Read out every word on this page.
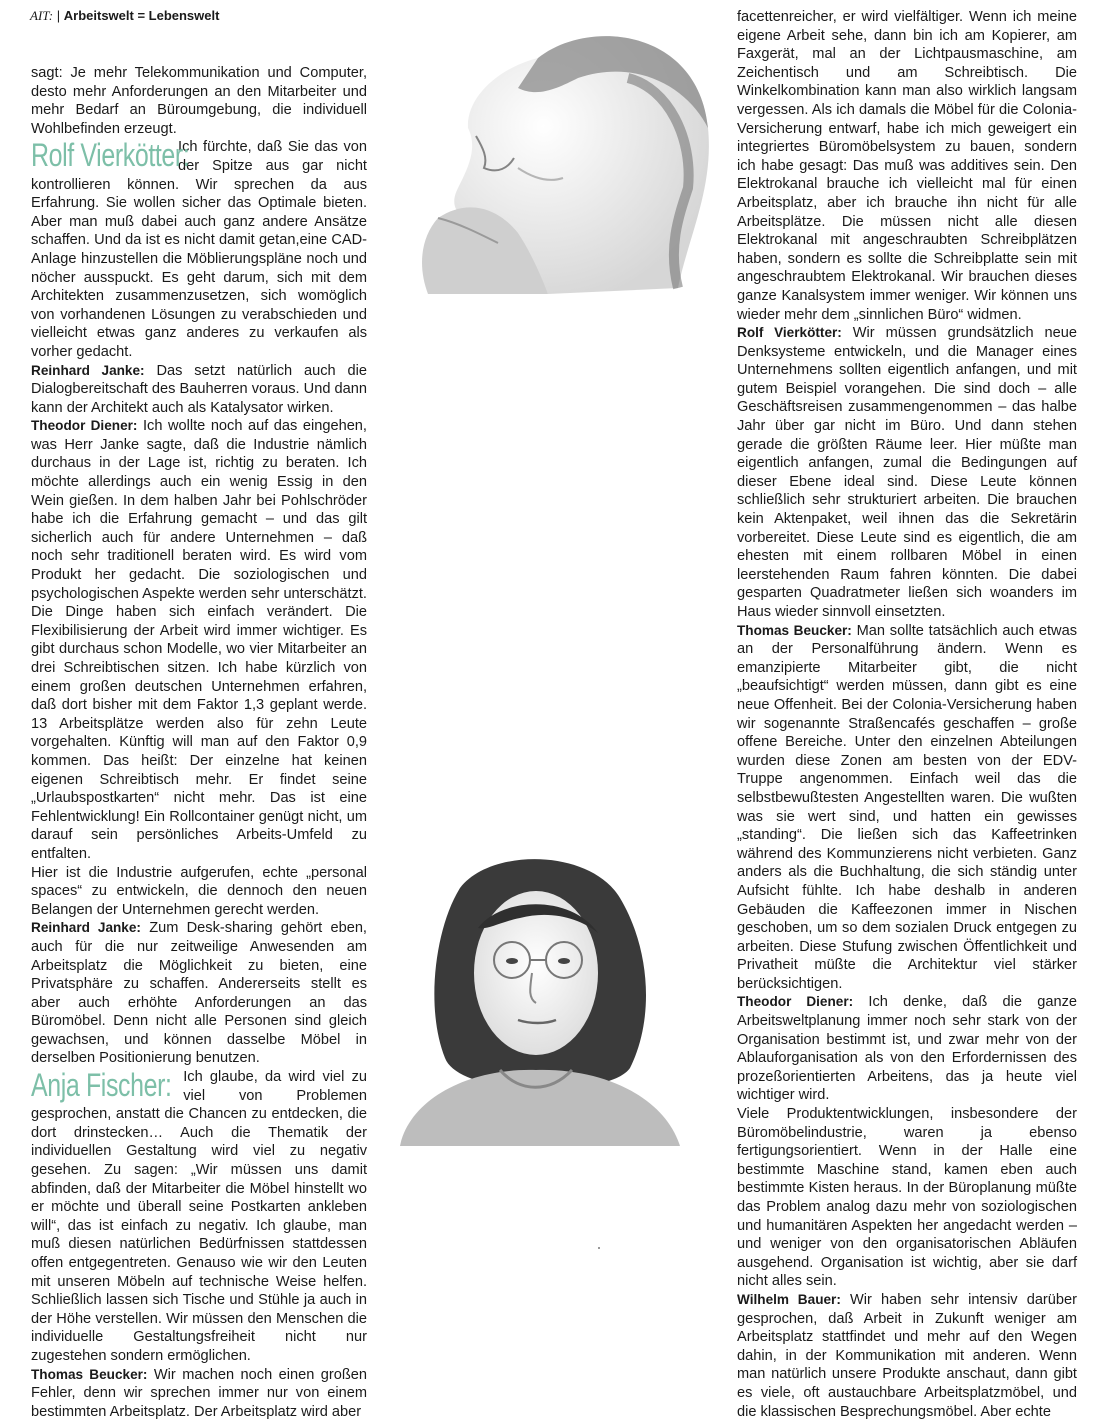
AIT: | Arbeitswelt = Lebenswelt

sagt: Je mehr Telekommunikation und Computer, desto mehr Anforderungen an den Mitarbeiter und mehr Bedarf an Büroumgebung, die individuell Wohlbefinden erzeugt.

Rolf Vierkötter:
Ich fürchte, daß Sie das von der Spitze aus gar nicht kontrollieren können. Wir sprechen da aus Erfahrung. Sie wollen sicher das Optimale bieten. Aber man muß dabei auch ganz andere Ansätze schaffen. Und da ist es nicht damit getan,eine CAD-Anlage hinzustellen die Möblierungspläne noch und nöcher ausspuckt. Es geht darum, sich mit dem Architekten zusammenzusetzen, sich womöglich von vorhandenen Lösungen zu verabschieden und vielleicht etwas ganz anderes zu verkaufen als vorher gedacht.

Reinhard Janke: Das setzt natürlich auch die Dialogbereitschaft des Bauherren voraus. Und dann kann der Architekt auch als Katalysator wirken.

Theodor Diener: Ich wollte noch auf das eingehen, was Herr Janke sagte, daß die Industrie nämlich durchaus in der Lage ist, richtig zu beraten. Ich möchte allerdings auch ein wenig Essig in den Wein gießen. In dem halben Jahr bei Pohlschröder habe ich die Erfahrung gemacht – und das gilt sicherlich auch für andere Unternehmen – daß noch sehr traditionell beraten wird. Es wird vom Produkt her gedacht. Die soziologischen und psychologischen Aspekte werden sehr unterschätzt. Die Dinge haben sich einfach verändert. Die Flexibilisierung der Arbeit wird immer wichtiger. Es gibt durchaus schon Modelle, wo vier Mitarbeiter an drei Schreibtischen sitzen. Ich habe kürzlich von einem großen deutschen Unternehmen erfahren, daß dort bisher mit dem Faktor 1,3 geplant werde. 13 Arbeitsplätze werden also für zehn Leute vorgehalten. Künftig will man auf den Faktor 0,9 kommen. Das heißt: Der einzelne hat keinen eigenen Schreibtisch mehr. Er findet seine „Urlaubspostkarten“ nicht mehr. Das ist eine Fehlentwicklung! Ein Rollcontainer genügt nicht, um darauf sein persönliches Arbeits-Umfeld zu entfalten.

Hier ist die Industrie aufgerufen, echte „personal spaces“ zu entwickeln, die dennoch den neuen Belangen der Unternehmen gerecht werden.

Reinhard Janke: Zum Desk-sharing gehört eben, auch für die nur zeitweilige Anwesenden am Arbeitsplatz die Möglichkeit zu bieten, eine Privatsphäre zu schaffen. Andererseits stellt es aber auch erhöhte Anforderungen an das Büromöbel. Denn nicht alle Personen sind gleich gewachsen, und können dasselbe Möbel in derselben Positionierung benutzen.

Anja Fischer: Ich glaube, da wird viel zu viel von Problemen gesprochen, anstatt die Chancen zu entdecken, die dort drinstecken… Auch die Thematik der individuellen Gestaltung wird viel zu negativ gesehen. Zu sagen: „Wir müssen uns damit abfinden, daß der Mitarbeiter die Möbel hinstellt wo er möchte und überall seine Postkarten ankleben will“, das ist einfach zu negativ. Ich glaube, man muß diesen natürlichen Bedürfnissen stattdessen offen entgegentreten. Genauso wie wir den Leuten mit unseren Möbeln auf technische Weise helfen. Schließlich lassen sich Tische und Stühle ja auch in der Höhe verstellen. Wir müssen den Menschen die individuelle Gestaltungsfreiheit nicht nur zugestehen sondern ermöglichen.

Thomas Beucker: Wir machen noch einen großen Fehler, denn wir sprechen immer nur von einem bestimmten Arbeitsplatz. Der Arbeitsplatz wird aber

facettenreicher, er wird vielfältiger. Wenn ich meine eigene Arbeit sehe, dann bin ich am Kopierer, am Faxgerät, mal an der Lichtpausmaschine, am Zeichentisch und am Schreibtisch. Die Winkelkombination kann man also wirklich langsam vergessen. Als ich damals die Möbel für die Colonia-Versicherung entwarf, habe ich mich geweigert ein integriertes Büromöbelsystem zu bauen, sondern ich habe gesagt: Das muß was additives sein. Den Elektrokanal brauche ich vielleicht mal für einen Arbeitsplatz, aber ich brauche ihn nicht für alle Arbeitsplätze. Die müssen nicht alle diesen Elektrokanal mit angeschraubten Schreibplätzen haben, sondern es sollte die Schreibplatte sein mit angeschraubtem Elektrokanal. Wir brauchen dieses ganze Kanalsystem immer weniger. Wir können uns wieder mehr dem „sinnlichen Büro“ widmen.

Rolf Vierkötter: Wir müssen grundsätzlich neue Denksysteme entwickeln, und die Manager eines Unternehmens sollten eigentlich anfangen, und mit gutem Beispiel vorangehen. Die sind doch – alle Geschäftsreisen zusammengenommen – das halbe Jahr über gar nicht im Büro. Und dann stehen gerade die größten Räume leer. Hier müßte man eigentlich anfangen, zumal die Bedingungen auf dieser Ebene ideal sind. Diese Leute können schließlich sehr strukturiert arbeiten. Die brauchen kein Aktenpaket, weil ihnen das die Sekretärin vorbereitet. Diese Leute sind es eigentlich, die am ehesten mit einem rollbaren Möbel in einen leerstehenden Raum fahren könnten. Die dabei gesparten Quadratmeter ließen sich woanders im Haus wieder sinnvoll einsetzten.

Thomas Beucker: Man sollte tatsächlich auch etwas an der Personalführung ändern. Wenn es emanzipierte Mitarbeiter gibt, die nicht „beaufsichtigt“ werden müssen, dann gibt es eine neue Offenheit. Bei der Colonia-Versicherung haben wir sogenannte Straßencafés geschaffen – große offene Bereiche. Unter den einzelnen Abteilungen wurden diese Zonen am besten von der EDV-Truppe angenommen. Einfach weil das die selbstbewußtesten Angestellten waren. Die wußten was sie wert sind, und hatten ein gewisses „standing“. Die ließen sich das Kaffeetrinken während des Kommunzierens nicht verbieten. Ganz anders als die Buchhaltung, die sich ständig unter Aufsicht fühlte. Ich habe deshalb in anderen Gebäuden die Kaffeezonen immer in Nischen geschoben, um so dem sozialen Druck entgegen zu arbeiten. Diese Stufung zwischen Öffentlichkeit und Privatheit müßte die Architektur viel stärker berücksichtigen.

Theodor Diener: Ich denke, daß die ganze Arbeitsweltplanung immer noch sehr stark von der Organisation bestimmt ist, und zwar mehr von der Ablauforganisation als von den Erfordernissen des prozeßorientierten Arbeitens, das ja heute viel wichtiger wird.

Viele Produktentwicklungen, insbesondere der Büromöbelindustrie, waren ja ebenso fertigungsorientiert. Wenn in der Halle eine bestimmte Maschine stand, kamen eben auch bestimmte Kisten heraus. In der Büroplanung müßte das Problem analog dazu mehr von soziologischen und humanitären Aspekten her angedacht werden – und weniger von den organisatorischen Abläufen ausgehend. Organisation ist wichtig, aber sie darf nicht alles sein.

Wilhelm Bauer: Wir haben sehr intensiv darüber gesprochen, daß Arbeit in Zukunft weniger am Arbeitsplatz stattfindet und mehr auf den Wegen dahin, in der Kommunikation mit anderen. Wenn man natürlich unsere Produkte anschaut, dann gibt es viele, oft austauchbare Arbeitsplatzmöbel, und die klassischen Besprechungsmöbel. Aber echte
